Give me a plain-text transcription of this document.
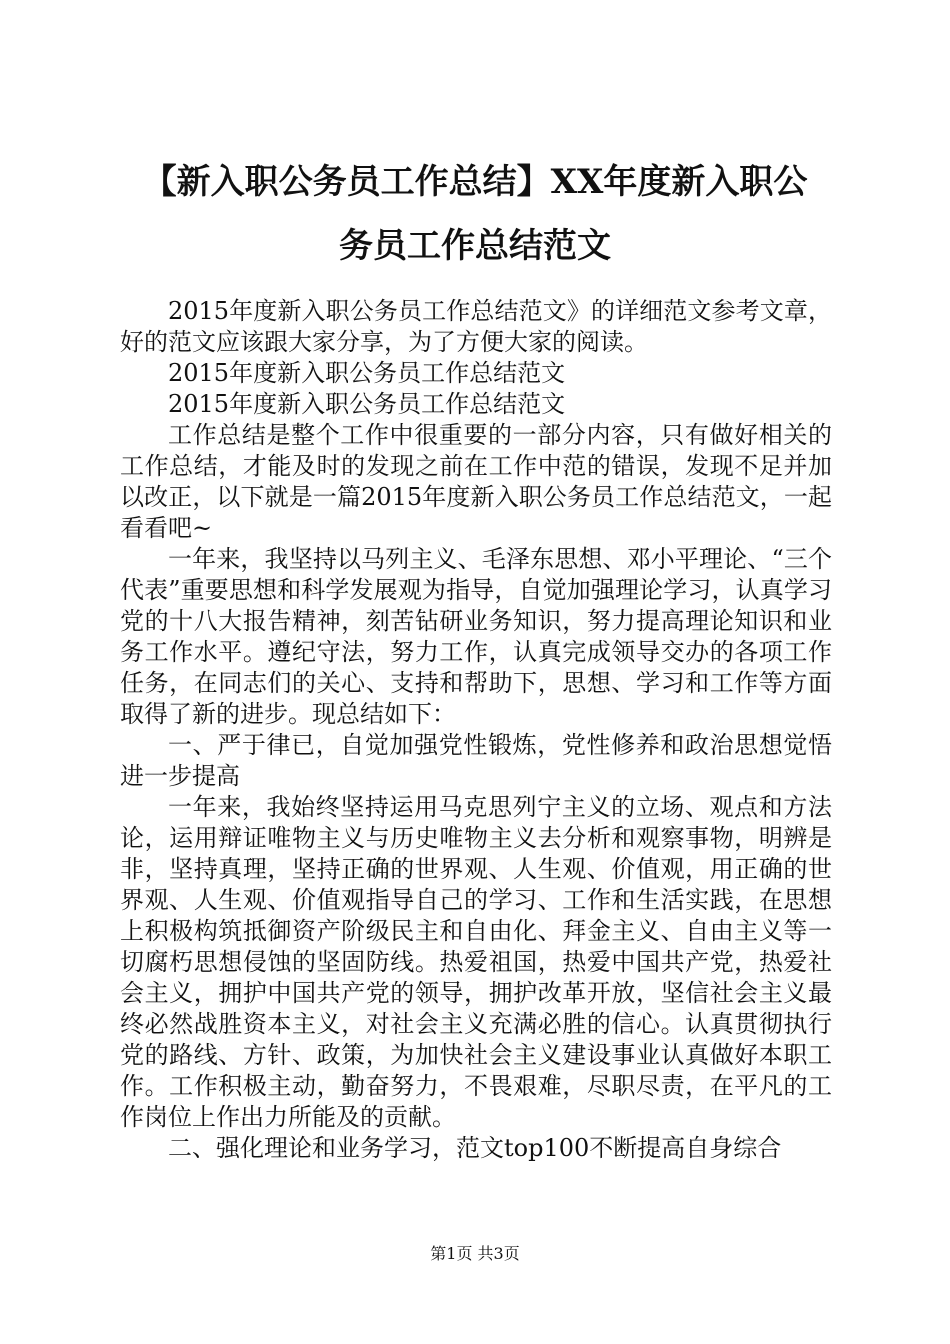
【新入职公务员工作总结】XX年度新入职公
务员工作总结范文

2015年度新入职公务员工作总结范文》的详细范文参考文章，好的范文应该跟大家分享，为了方便大家的阅读。

2015年度新入职公务员工作总结范文

2015年度新入职公务员工作总结范文

工作总结是整个工作中很重要的一部分内容，只有做好相关的工作总结，才能及时的发现之前在工作中范的错误，发现不足并加以改正，以下就是一篇2015年度新入职公务员工作总结范文，一起看看吧~

一年来，我坚持以马列主义、毛泽东思想、邓小平理论、“三个代表”重要思想和科学发展观为指导，自觉加强理论学习，认真学习党的十八大报告精神，刻苦钻研业务知识，努力提高理论知识和业务工作水平。遵纪守法，努力工作，认真完成领导交办的各项工作任务，在同志们的关心、支持和帮助下，思想、学习和工作等方面取得了新的进步。现总结如下：

一、严于律已，自觉加强党性锻炼，党性修养和政治思想觉悟进一步提高

一年来，我始终坚持运用马克思列宁主义的立场、观点和方法论，运用辩证唯物主义与历史唯物主义去分析和观察事物，明辨是非，坚持真理，坚持正确的世界观、人生观、价值观，用正确的世界观、人生观、价值观指导自己的学习、工作和生活实践，在思想上积极构筑抵御资产阶级民主和自由化、拜金主义、自由主义等一切腐朽思想侵蚀的坚固防线。热爱祖国，热爱中国共产党，热爱社会主义，拥护中国共产党的领导，拥护改革开放，坚信社会主义最终必然战胜资本主义，对社会主义充满必胜的信心。认真贯彻执行党的路线、方针、政策，为加快社会主义建设事业认真做好本职工作。工作积极主动，勤奋努力，不畏艰难，尽职尽责，在平凡的工作岗位上作出力所能及的贡献。

二、强化理论和业务学习，范文top100不断提高自身综合

第1页 共3页
